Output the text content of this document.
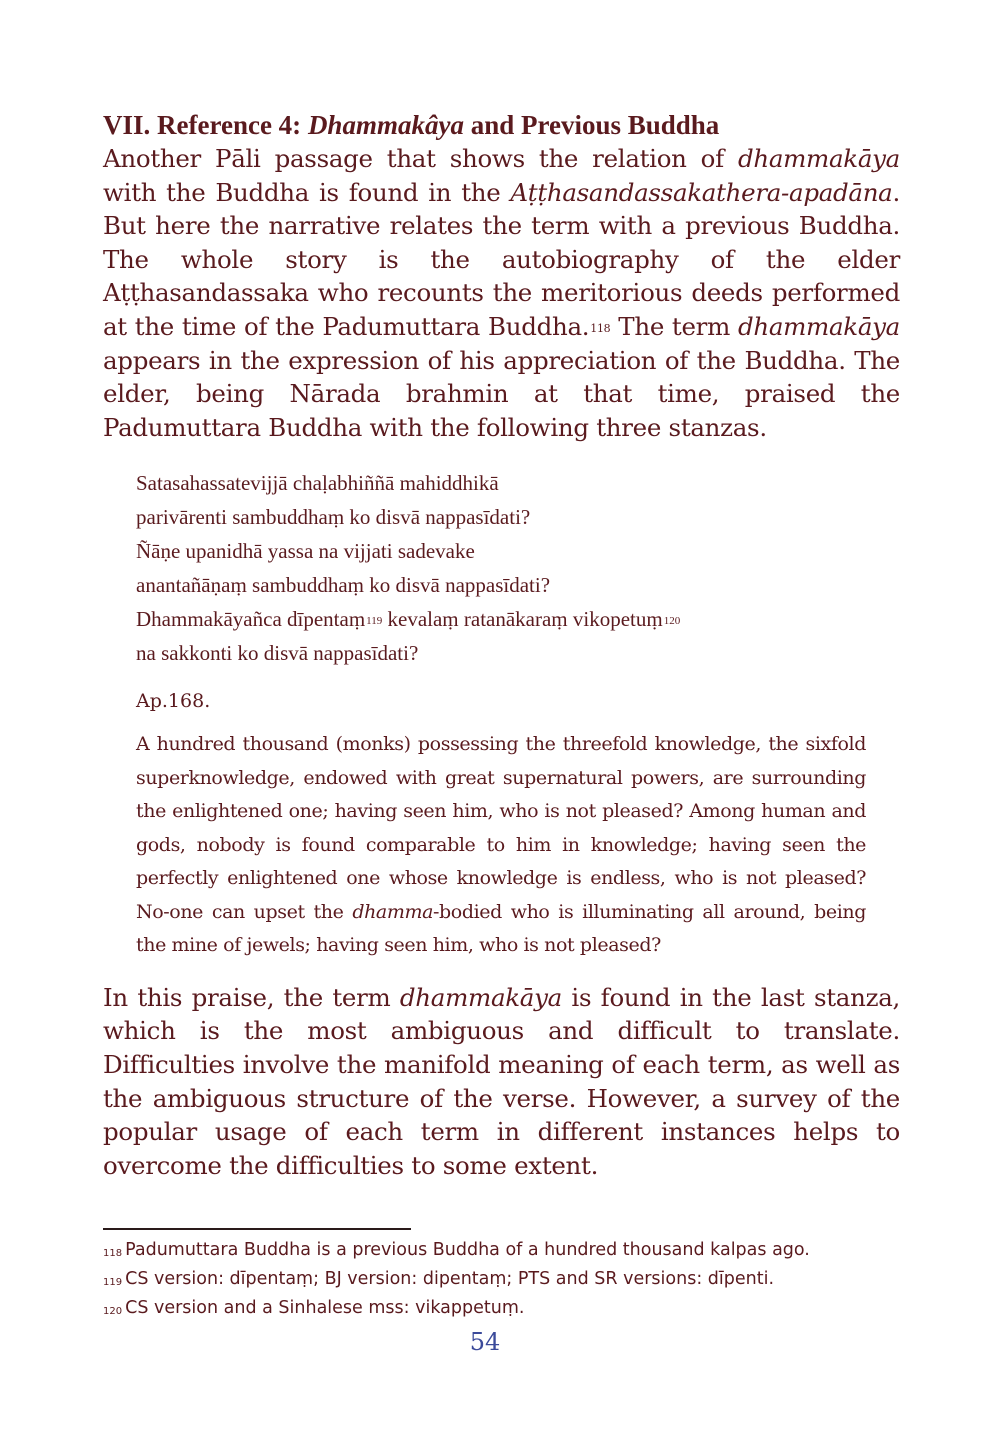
VII. Reference 4: Dhammakâya and Previous Buddha

Another Pāli passage that shows the relation of dhammakāya with the Buddha is found in the Aṭṭhasandassakathera-apadāna. But here the narrative relates the term with a previous Buddha. The whole story is the autobiography of the elder Aṭṭhasandassaka who recounts the meritorious deeds performed at the time of the Padumuttara Buddha.$^{118}$ The term dhammakāya appears in the expression of his appreciation of the Buddha. The elder, being Nārada brahmin at that time, praised the Padumuttara Buddha with the following three stanzas.

Satasahassatevijjā chaḷabhiññā mahiddhikā

parivārenti sambuddhaṃ ko disvā nappasīdati?

Ñāṇe upanidhā yassa na vijjati sadevake

anantañāṇaṃ sambuddhaṃ ko disvā nappasīdati?

Dhammakāyañca dīpentaṃ$^{119}$ kevalaṃ ratanākaraṃ vikopetuṃ$^{120}$

na sakkonti ko disvā nappasīdati?

Ap.168.

A hundred thousand (monks) possessing the threefold knowledge, the sixfold superknowledge, endowed with great supernatural powers, are surrounding the enlightened one; having seen him, who is not pleased? Among human and gods, nobody is found comparable to him in knowledge; having seen the perfectly enlightened one whose knowledge is endless, who is not pleased? No-one can upset the dhamma-bodied who is illuminating all around, being the mine of jewels; having seen him, who is not pleased?

In this praise, the term dhammakāya is found in the last stanza, which is the most ambiguous and difficult to translate. Difficulties involve the manifold meaning of each term, as well as the ambiguous structure of the verse. However, a survey of the popular usage of each term in different instances helps to overcome the difficulties to some extent.

$^{118}$ Padumuttara Buddha is a previous Buddha of a hundred thousand kalpas ago.

$^{119}$ CS version: dīpentaṃ; BJ version: dipentaṃ; PTS and SR versions: dīpenti.

$^{120}$ CS version and a Sinhalese mss: vikappetuṃ.

54
